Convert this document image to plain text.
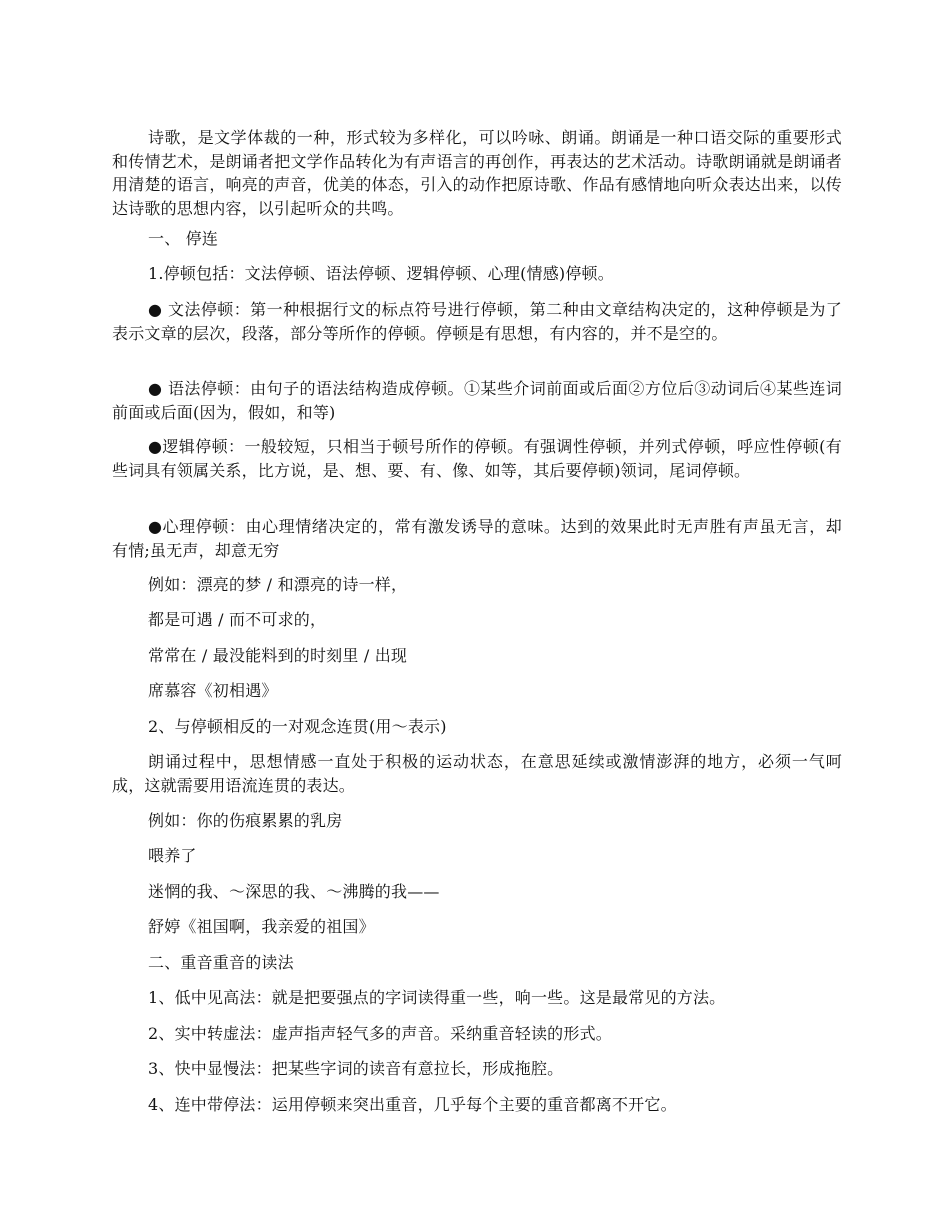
诗歌，是文学体裁的一种，形式较为多样化，可以吟咏、朗诵。朗诵是一种口语交际的重要形式和传情艺术，是朗诵者把文学作品转化为有声语言的再创作，再表达的艺术活动。诗歌朗诵就是朗诵者用清楚的语言，响亮的声音，优美的体态，引入的动作把原诗歌、作品有感情地向听众表达出来，以传达诗歌的思想内容，以引起听众的共鸣。

一、 停连

1.停顿包括：文法停顿、语法停顿、逻辑停顿、心理(情感)停顿。

● 文法停顿：第一种根据行文的标点符号进行停顿，第二种由文章结构决定的，这种停顿是为了表示文章的层次，段落，部分等所作的停顿。停顿是有思想，有内容的，并不是空的。

● 语法停顿：由句子的语法结构造成停顿。①某些介词前面或后面②方位后③动词后④某些连词前面或后面(因为，假如，和等)

●逻辑停顿：一般较短，只相当于顿号所作的停顿。有强调性停顿，并列式停顿，呼应性停顿(有些词具有领属关系，比方说，是、想、要、有、像、如等，其后要停顿)领词，尾词停顿。

●心理停顿：由心理情绪决定的，常有激发诱导的意味。达到的效果此时无声胜有声虽无言，却有情;虽无声，却意无穷

例如：漂亮的梦 / 和漂亮的诗一样，

都是可遇 / 而不可求的，

常常在 / 最没能料到的时刻里 / 出现

席慕容《初相遇》

2、与停顿相反的一对观念连贯(用～表示)

朗诵过程中，思想情感一直处于积极的运动状态，在意思延续或激情澎湃的地方，必须一气呵成，这就需要用语流连贯的表达。

例如：你的伤痕累累的乳房

喂养了

迷惘的我、～深思的我、～沸腾的我——

舒婷《祖国啊，我亲爱的祖国》

二、重音重音的读法

1、低中见高法：就是把要强点的字词读得重一些，响一些。这是最常见的方法。

2、实中转虚法：虚声指声轻气多的声音。采纳重音轻读的形式。

3、快中显慢法：把某些字词的读音有意拉长，形成拖腔。

4、连中带停法：运用停顿来突出重音，几乎每个主要的重音都离不开它。
